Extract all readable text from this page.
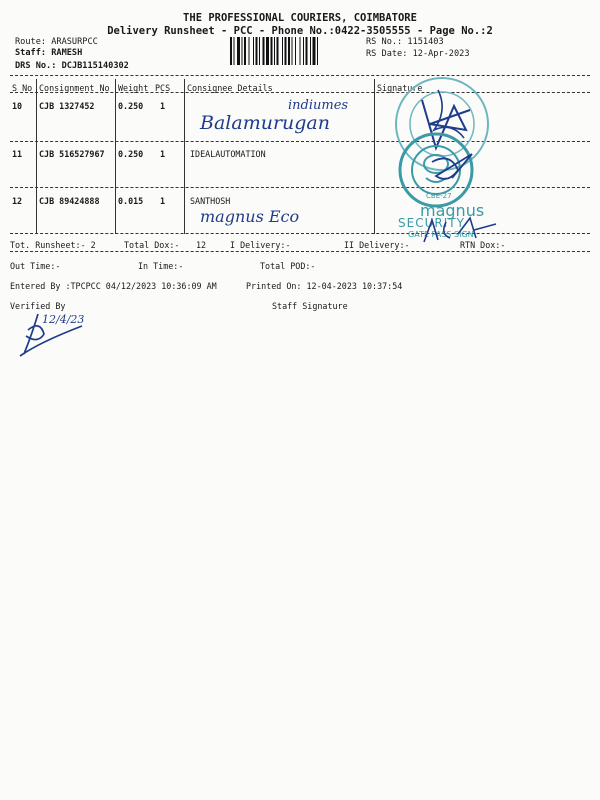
THE PROFESSIONAL COURIERS, COIMBATORE
Delivery Runsheet - PCC - Phone No.:0422-3505555 - Page No.:2
Route: ARASURPCC
Staff: RAMESH
DRS No.: DCJB115140302
RS No.: 1151403
RS Date: 12-Apr-2023
S No Consignment No Weight PCS Consignee Details	Signature
10 CJB 1327452	0.250 1	indiumes
Balamurugan
11 CJB 516527967 0.250 1	IDEALAUTOMATION
12 CJB 89424888 0.015 1	SANTHOSH
magnus Eco
CBE-27
magnus
SECURITY
GATE PASS SIGN
Tot. Runsheet:- 2	Total Dox:- 12	I Delivery:-	II Delivery:-	RTN Dox:-
Out Time:-	In Time:-	Total POD:-
Entered By :TPCPCC 04/12/2023 10:36:09 AM	Printed On: 12-04-2023 10:37:54
Verified By	Staff Signature
12/4/23
